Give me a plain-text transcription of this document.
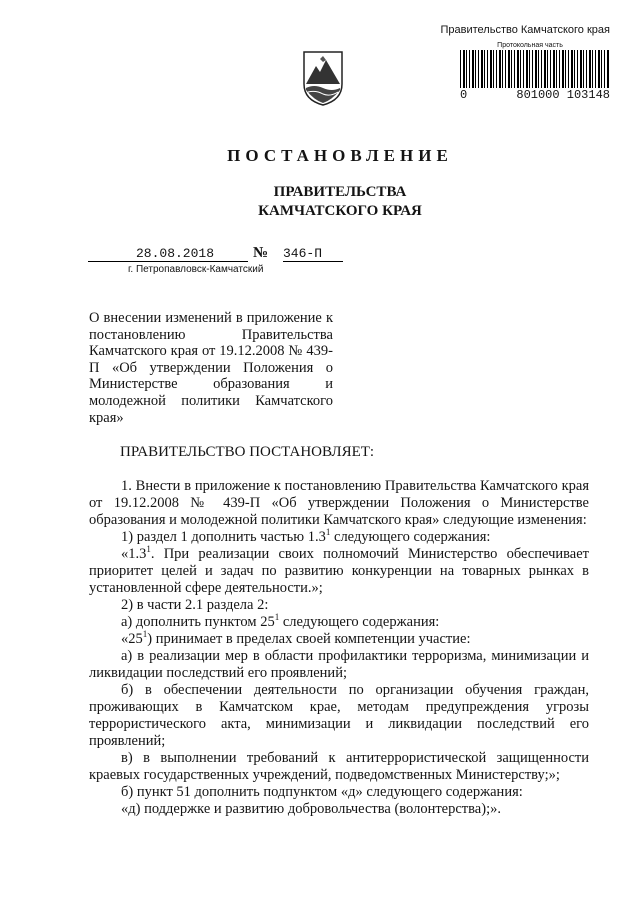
Правительство Камчатского края
Протокольная часть
0	801000 103148
ПОСТАНОВЛЕНИЕ
ПРАВИТЕЛЬСТВА
КАМЧАТСКОГО КРАЯ
28.08.2018	№ 346-П
г. Петропавловск-Камчатский
О внесении изменений в приложение к постановлению Правительства Камчатского края от 19.12.2008 № 439-П «Об утверждении Положения о Министерстве образования и молодежной политики Камчатского края»
ПРАВИТЕЛЬСТВО ПОСТАНОВЛЯЕТ:

1. Внести в приложение к постановлению Правительства Камчатского края от 19.12.2008 № 439-П «Об утверждении Положения о Министерстве образования и молодежной политики Камчатского края» следующие изменения:

1) раздел 1 дополнить частью $1.3^1$ следующего содержания:

«$1.3^1$. При реализации своих полномочий Министерство обеспечивает приоритет целей и задач по развитию конкуренции на товарных рынках в установленной сфере деятельности.»;

2) в части 2.1 раздела 2:

а) дополнить пунктом $25^1$ следующего содержания:

«$25^1$) принимает в пределах своей компетенции участие:

а) в реализации мер в области профилактики терроризма, минимизации и ликвидации последствий его проявлений;

б) в обеспечении деятельности по организации обучения граждан, проживающих в Камчатском крае, методам предупреждения угрозы террористического акта, минимизации и ликвидации последствий его проявлений;

в) в выполнении требований к антитеррористической защищенности краевых государственных учреждений, подведомственных Министерству;»;

б) пункт 51 дополнить подпунктом «д» следующего содержания:

«д) поддержке и развитию добровольчества (волонтерства);».
